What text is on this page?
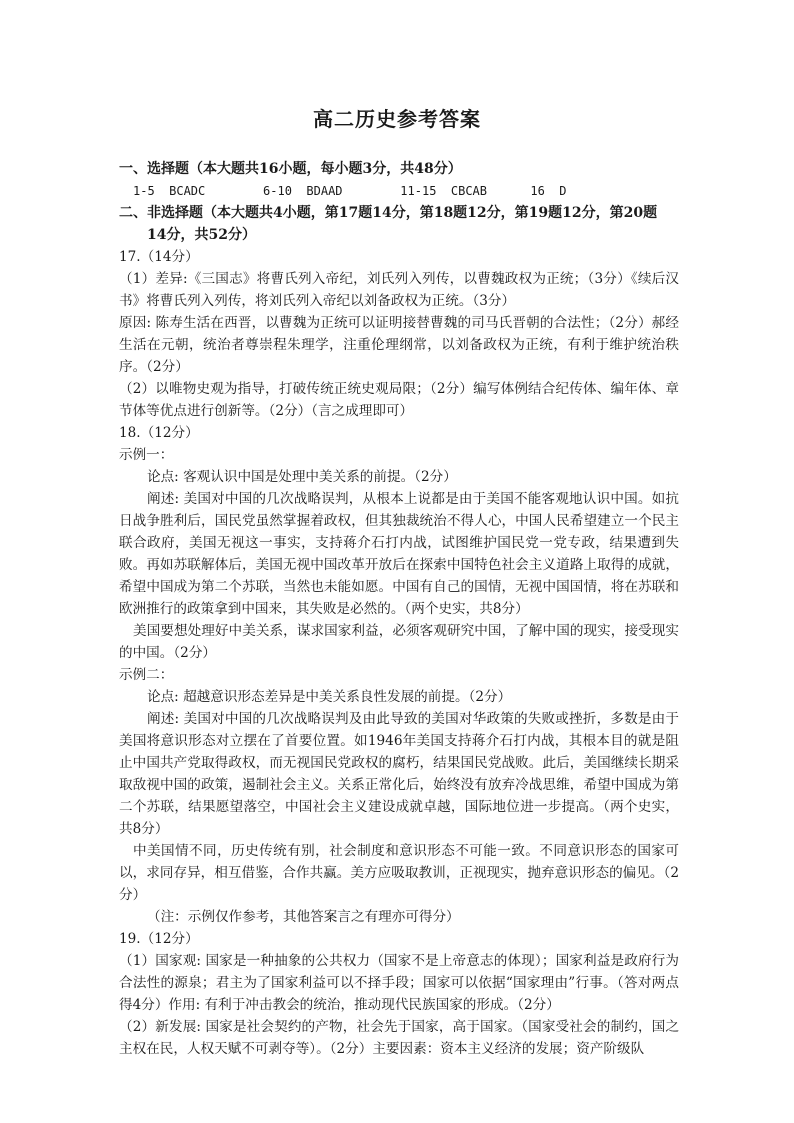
高二历史参考答案

一、选择题（本大题共16小题，每小题3分，共48分）

1-5  BCADC        6-10  BDAAD        11-15  CBCAB      16  D

二、非选择题（本大题共4小题，第17题14分，第18题12分，第19题12分，第20题

14分，共52分）

17.（14分）

（1）差异:《三国志》将曹氏列入帝纪，刘氏列入列传，以曹魏政权为正统；（3分）《续后汉书》将曹氏列入列传，将刘氏列入帝纪以刘备政权为正统。（3分）

原因: 陈寿生活在西晋，以曹魏为正统可以证明接替曹魏的司马氏晋朝的合法性；（2分）郝经生活在元朝，统治者尊崇程朱理学，注重伦理纲常，以刘备政权为正统，有利于维护统治秩序。（2分）

（2）以唯物史观为指导，打破传统正统史观局限；（2分）编写体例结合纪传体、编年体、章节体等优点进行创新等。（2分）（言之成理即可）

18.（12分）

示例一：

论点: 客观认识中国是处理中美关系的前提。（2分）

阐述: 美国对中国的几次战略误判，从根本上说都是由于美国不能客观地认识中国。如抗日战争胜利后，国民党虽然掌握着政权，但其独裁统治不得人心，中国人民希望建立一个民主联合政府，美国无视这一事实，支持蒋介石打内战，试图维护国民党一党专政，结果遭到失败。再如苏联解体后，美国无视中国改革开放后在探索中国特色社会主义道路上取得的成就，希望中国成为第二个苏联，当然也未能如愿。中国有自己的国情，无视中国国情，将在苏联和欧洲推行的政策拿到中国来，其失败是必然的。（两个史实，共8分）

美国要想处理好中美关系，谋求国家利益，必须客观研究中国，了解中国的现实，接受现实的中国。（2分）

示例二：

论点: 超越意识形态差异是中美关系良性发展的前提。（2分）

阐述: 美国对中国的几次战略误判及由此导致的美国对华政策的失败或挫折，多数是由于美国将意识形态对立摆在了首要位置。如1946年美国支持蒋介石打内战，其根本目的就是阻止中国共产党取得政权，而无视国民党政权的腐朽，结果国民党战败。此后，美国继续长期采取敌视中国的政策，遏制社会主义。关系正常化后，始终没有放弃冷战思维，希望中国成为第二个苏联，结果愿望落空，中国社会主义建设成就卓越，国际地位进一步提高。（两个史实，共8分）

中美国情不同，历史传统有别，社会制度和意识形态不可能一致。不同意识形态的国家可以，求同存异，相互借鉴，合作共赢。美方应吸取教训，正视现实，抛弃意识形态的偏见。（2分）

（注：示例仅作参考，其他答案言之有理亦可得分）

19.（12分）

（1）国家观: 国家是一种抽象的公共权力（国家不是上帝意志的体现）；国家利益是政府行为合法性的源泉；君主为了国家利益可以不择手段；国家可以依据“国家理由”行事。（答对两点得4分）作用: 有利于冲击教会的统治，推动现代民族国家的形成。（2分）

（2）新发展: 国家是社会契约的产物，社会先于国家，高于国家。（国家受社会的制约，国之主权在民，人权天赋不可剥夺等）。（2分）主要因素：资本主义经济的发展；资产阶级队
